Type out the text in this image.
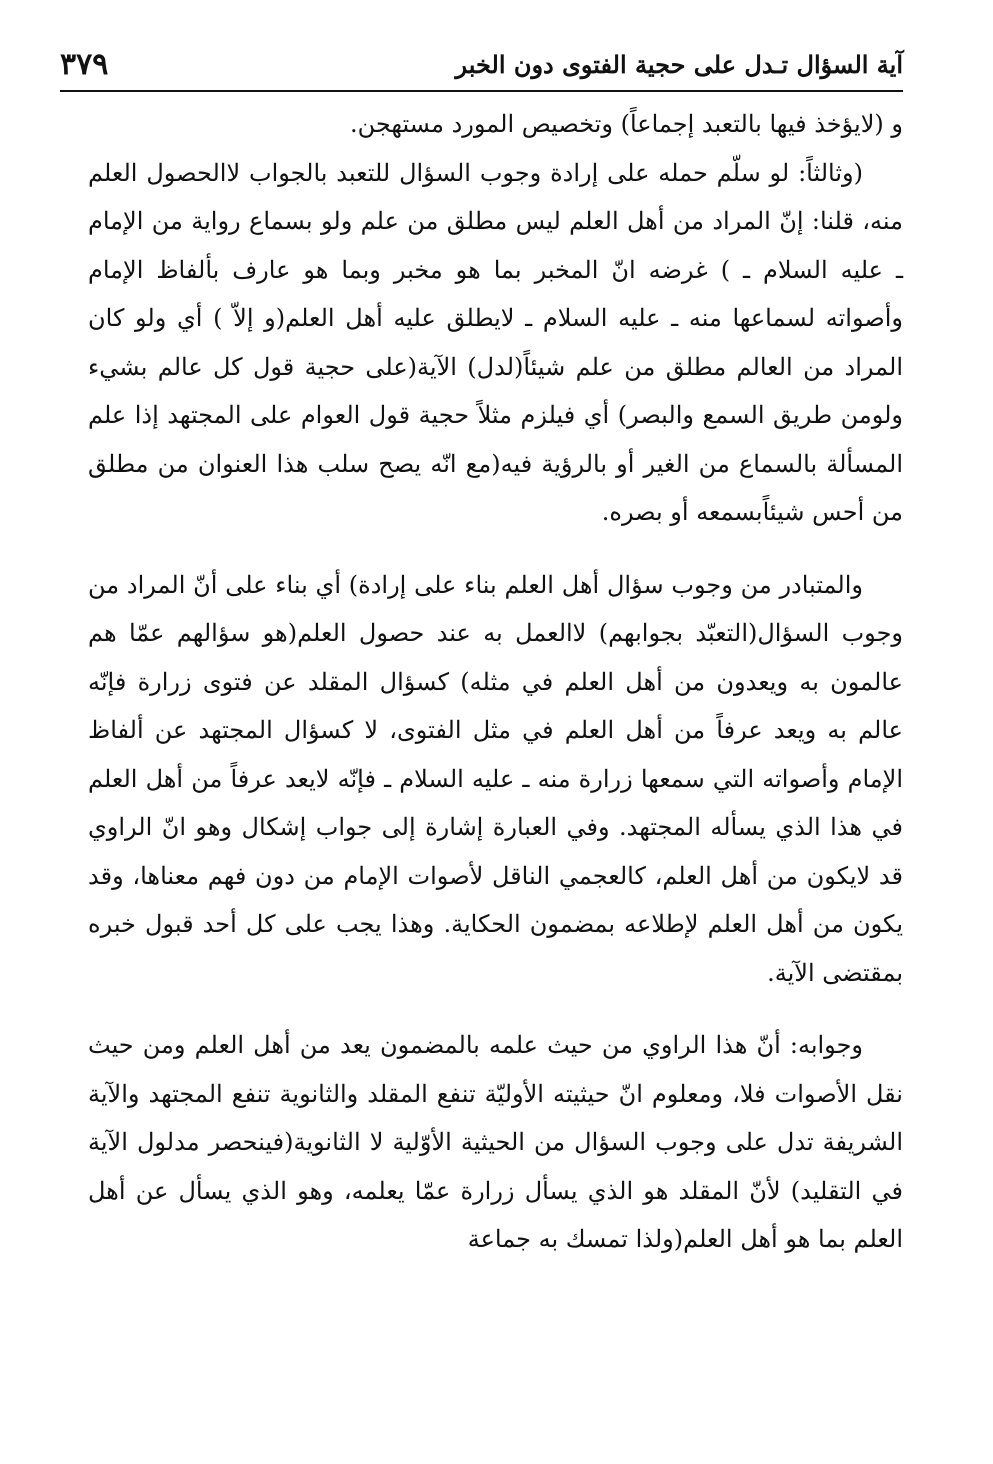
آية السؤال تـدل على حجية الفتوى دون الخبر
٣٧٩

و (لايؤخذ فيها بالتعبد إجماعاً) وتخصيص المورد مستهجن.

(وثالثاً: لو سلّم حمله على إرادة وجوب السؤال للتعبد بالجواب لاالحصول العلم منه، قلنا: إنّ المراد من أهل العلم ليس مطلق من علم ولو بسماع رواية من الإمام ـ عليه السلام ـ ) غرضه انّ المخبر بما هو مخبر وبما هو عارف بألفاظ الإمام وأصواته لسماعها منه ـ عليه السلام ـ لايطلق عليه أهل العلم(و إلاّ ) أي ولو كان المراد من العالم مطلق من علم شيئاً(لدل) الآية(على حجية قول كل عالم بشيء ولومن طريق السمع والبصر) أي فيلزم مثلاً حجية قول العوام على المجتهد إذا علم المسألة بالسماع من الغير أو بالرؤية فيه(مع انّه يصح سلب هذا العنوان من مطلق من أحس شيئاًبسمعه أو بصره.

والمتبادر من وجوب سؤال أهل العلم بناء على إرادة) أي بناء على أنّ المراد من وجوب السؤال(التعبّد بجوابهم) لاالعمل به عند حصول العلم(هو سؤالهم عمّا هم عالمون به ويعدون من أهل العلم في مثله) كسؤال المقلد عن فتوى زرارة فإنّه عالم به ويعد عرفاً من أهل العلم في مثل الفتوى، لا كسؤال المجتهد عن ألفاظ الإمام وأصواته التي سمعها زرارة منه ـ عليه السلام ـ فإنّه لايعد عرفاً من أهل العلم في هذا الذي يسأله المجتهد. وفي العبارة إشارة إلى جواب إشكال وهو انّ الراوي قد لايكون من أهل العلم، كالعجمي الناقل لأصوات الإمام من دون فهم معناها، وقد يكون من أهل العلم لإطلاعه بمضمون الحكاية. وهذا يجب على كل أحد قبول خبره بمقتضى الآية.

وجوابه: أنّ هذا الراوي من حيث علمه بالمضمون يعد من أهل العلم ومن حيث نقل الأصوات فلا، ومعلوم انّ حيثيته الأوليّة تنفع المقلد والثانوية تنفع المجتهد والآية الشريفة تدل على وجوب السؤال من الحيثية الأوّلية لا الثانوية(فينحصر مدلول الآية في التقليد) لأنّ المقلد هو الذي يسأل زرارة عمّا يعلمه، وهو الذي يسأل عن أهل العلم بما هو أهل العلم(ولذا تمسك به جماعة
